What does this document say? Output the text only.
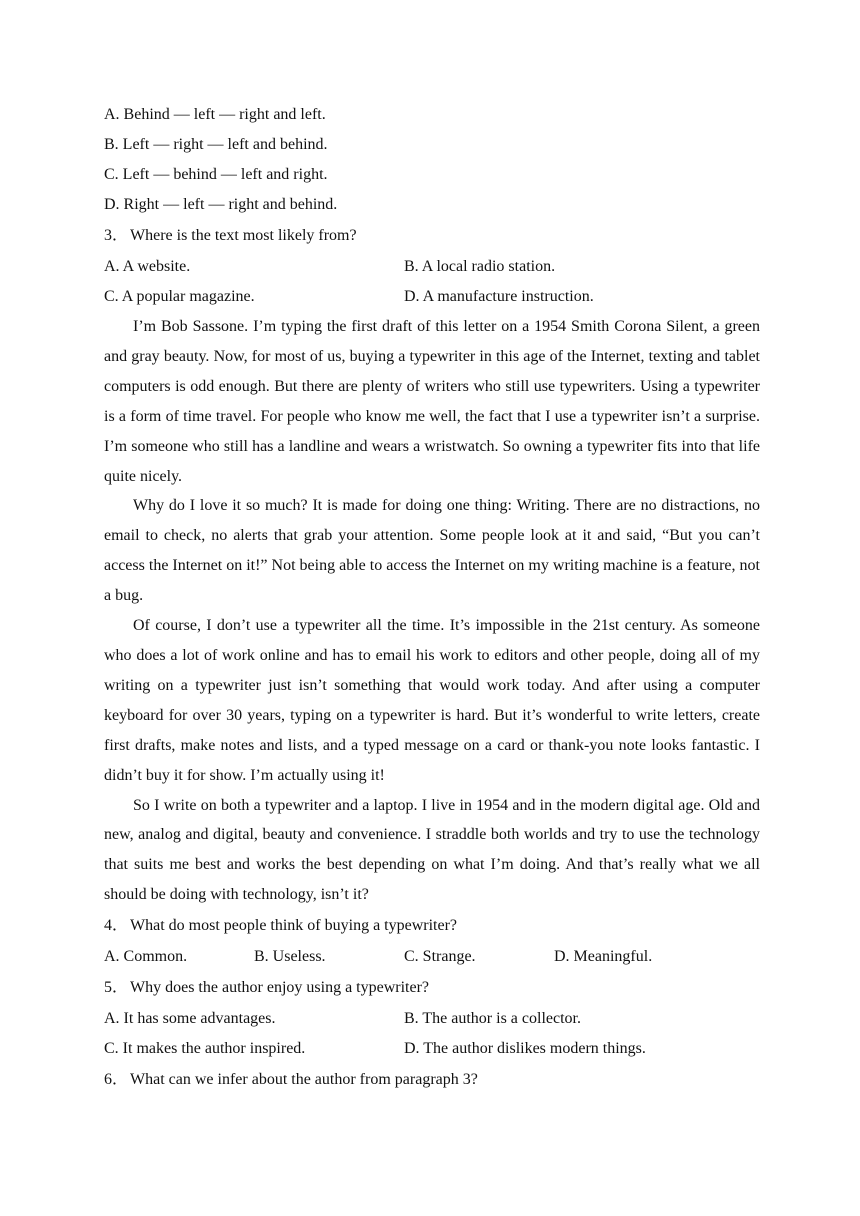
A. Behind — left — right and left.
B. Left — right — left and behind.
C. Left — behind — left and right.
D. Right — left — right and behind.
3． Where is the text most likely from?
A. A website.	B. A local radio station.
C. A popular magazine.	D. A manufacture instruction.

I’m Bob Sassone. I’m typing the first draft of this letter on a 1954 Smith Corona Silent, a green and gray beauty. Now, for most of us, buying a typewriter in this age of the Internet, texting and tablet computers is odd enough. But there are plenty of writers who still use typewriters. Using a typewriter is a form of time travel. For people who know me well, the fact that I use a typewriter isn’t a surprise. I’m someone who still has a landline and wears a wristwatch. So owning a typewriter fits into that life quite nicely.

Why do I love it so much? It is made for doing one thing: Writing. There are no distractions, no email to check, no alerts that grab your attention. Some people look at it and said, “But you can’t access the Internet on it!” Not being able to access the Internet on my writing machine is a feature, not a bug.

Of course, I don’t use a typewriter all the time. It’s impossible in the 21st century. As someone who does a lot of work online and has to email his work to editors and other people, doing all of my writing on a typewriter just isn’t something that would work today. And after using a computer keyboard for over 30 years, typing on a typewriter is hard. But it’s wonderful to write letters, create first drafts, make notes and lists, and a typed message on a card or thank-you note looks fantastic. I didn’t buy it for show. I’m actually using it!

So I write on both a typewriter and a laptop. I live in 1954 and in the modern digital age. Old and new, analog and digital, beauty and convenience. I straddle both worlds and try to use the technology that suits me best and works the best depending on what I’m doing. And that’s really what we all should be doing with technology, isn’t it?

4． What do most people think of buying a typewriter?
A. Common.	B. Useless.	C. Strange.	D. Meaningful.
5． Why does the author enjoy using a typewriter?
A. It has some advantages.	B. The author is a collector.
C. It makes the author inspired.	D. The author dislikes modern things.
6． What can we infer about the author from paragraph 3?
